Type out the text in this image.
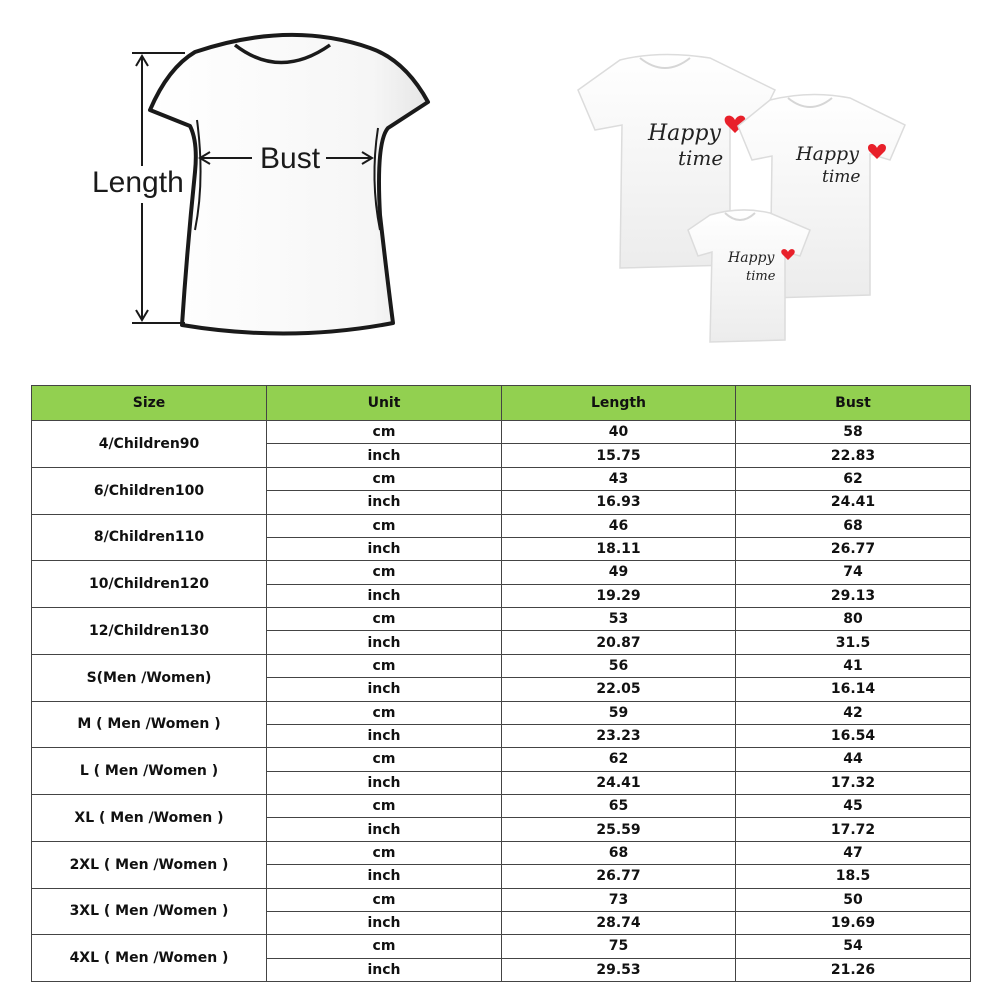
Length
Bust
Happy
time	Happy
time
Happy
time
Size	Unit	Length	Bust
4/Children90	cm	40	58
	inch	15.75	22.83
6/Children100	cm	43	62
	inch	16.93	24.41
8/Children110	cm	46	68
	inch	18.11	26.77
10/Children120	cm	49	74
	inch	19.29	29.13
12/Children130	cm	53	80
	inch	20.87	31.5
S(Men /Women)	cm	56	41
	inch	22.05	16.14
M ( Men /Women )	cm	59	42
	inch	23.23	16.54
L ( Men /Women )	cm	62	44
	inch	24.41	17.32
XL ( Men /Women )	cm	65	45
	inch	25.59	17.72
2XL ( Men /Women )	cm	68	47
	inch	26.77	18.5
3XL ( Men /Women )	cm	73	50
	inch	28.74	19.69
4XL ( Men /Women )	cm	75	54
	inch	29.53	21.26
